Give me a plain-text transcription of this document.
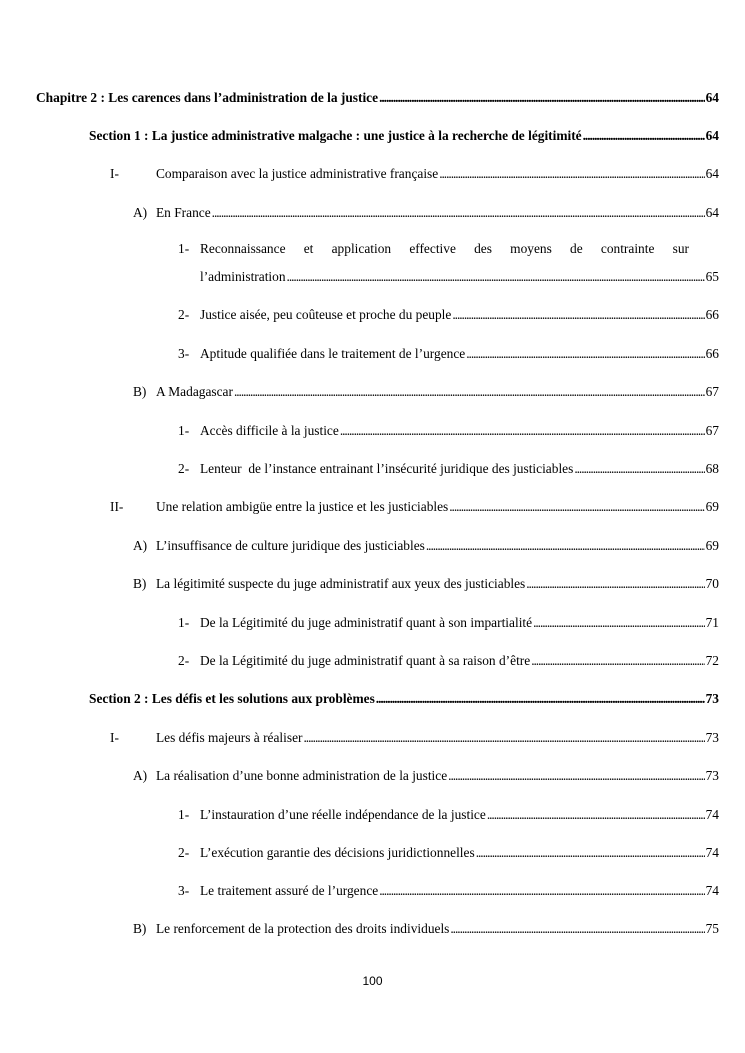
Chapitre 2 : Les carences dans l’administration de la justice . . .	64
Section 1 : La justice administrative malgache : une justice à la recherche de légitimité . . .	64
I-	Comparaison avec la justice administrative française . . .	64
A) En France . . .	64
1- Reconnaissance et application effective des moyens de contrainte sur
l’administration . . .	65
2- Justice aisée, peu coûteuse et proche du peuple . . .	66
3- Aptitude qualifiée dans le traitement de l’urgence . . .	66
B) A Madagascar . . .	67
1- Accès difficile à la justice . . .	67
2- Lenteur  de l’instance entrainant l’insécurité juridique des justiciables . . .	68
II-	Une relation ambigüe entre la justice et les justiciables . . .	69
A) L’insuffisance de culture juridique des justiciables . . .	69
B) La légitimité suspecte du juge administratif aux yeux des justiciables . . .	70
1- De la Légitimité du juge administratif quant à son impartialité . . .	71
2- De la Légitimité du juge administratif quant à sa raison d’être . . .	72
Section 2 : Les défis et les solutions aux problèmes . . .	73
I-	Les défis majeurs à réaliser . . .	73
A) La réalisation d’une bonne administration de la justice . . .	73
1- L’instauration d’une réelle indépendance de la justice . . .	74
2- L’exécution garantie des décisions juridictionnelles . . .	74
3- Le traitement assuré de l’urgence . . .	74
B) Le renforcement de la protection des droits individuels . . .	75
100
